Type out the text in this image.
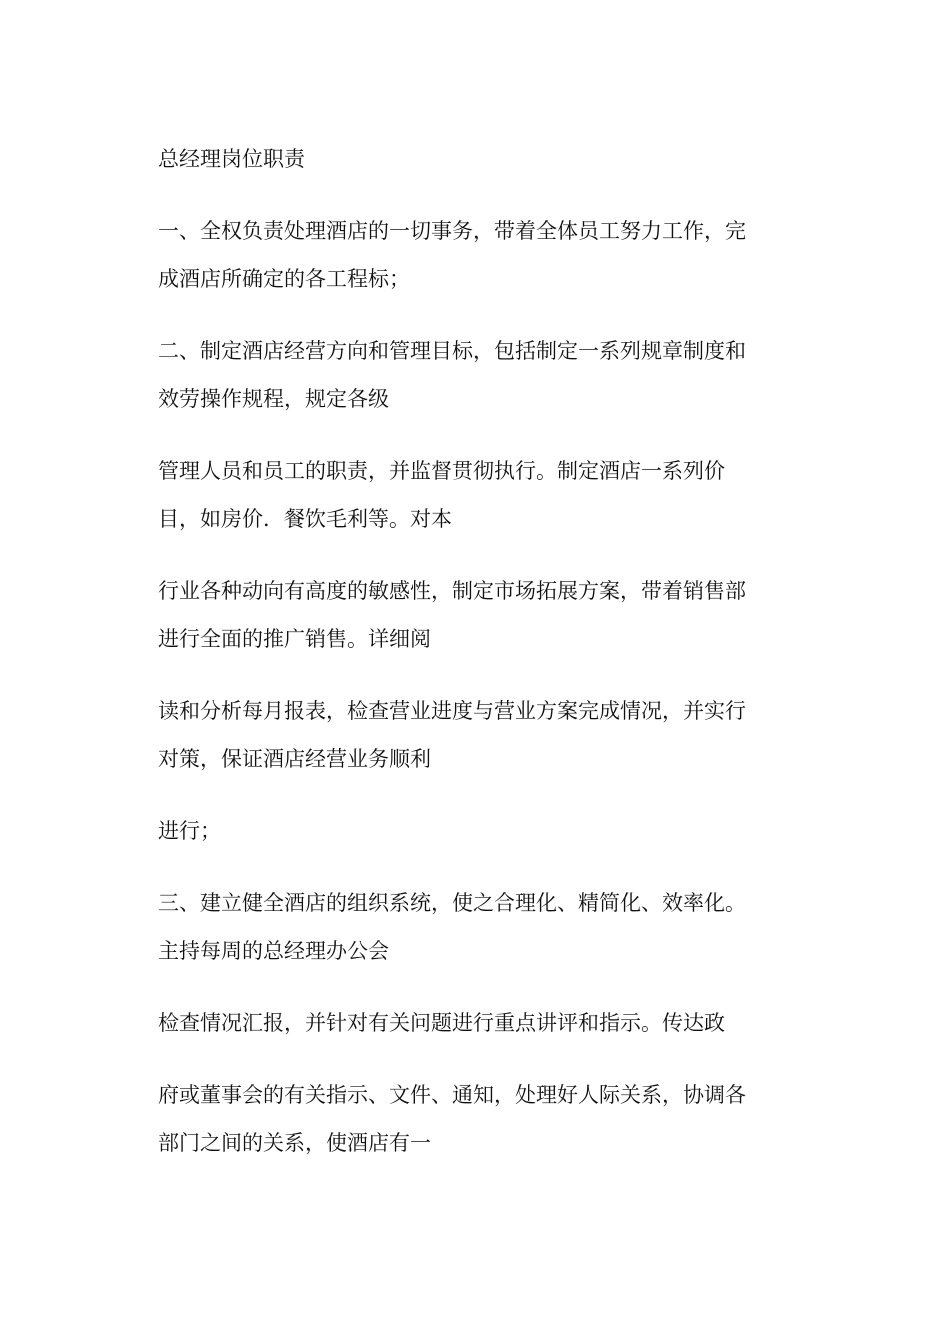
总经理岗位职责
一、全权负责处理酒店的一切事务，带着全体员工努力工作，完
成酒店所确定的各工程标；
二、制定酒店经营方向和管理目标，包括制定一系列规章制度和
效劳操作规程，规定各级
管理人员和员工的职责，并监督贯彻执行。制定酒店一系列价
目，如房价．餐饮毛利等。对本
行业各种动向有高度的敏感性，制定市场拓展方案，带着销售部
进行全面的推广销售。详细阅
读和分析每月报表，检查营业进度与营业方案完成情况，并实行
对策，保证酒店经营业务顺利
进行；
三、建立健全酒店的组织系统，使之合理化、精简化、效率化。
主持每周的总经理办公会
检查情况汇报，并针对有关问题进行重点讲评和指示。传达政
府或董事会的有关指示、文件、通知，处理好人际关系，协调各
部门之间的关系，使酒店有一
